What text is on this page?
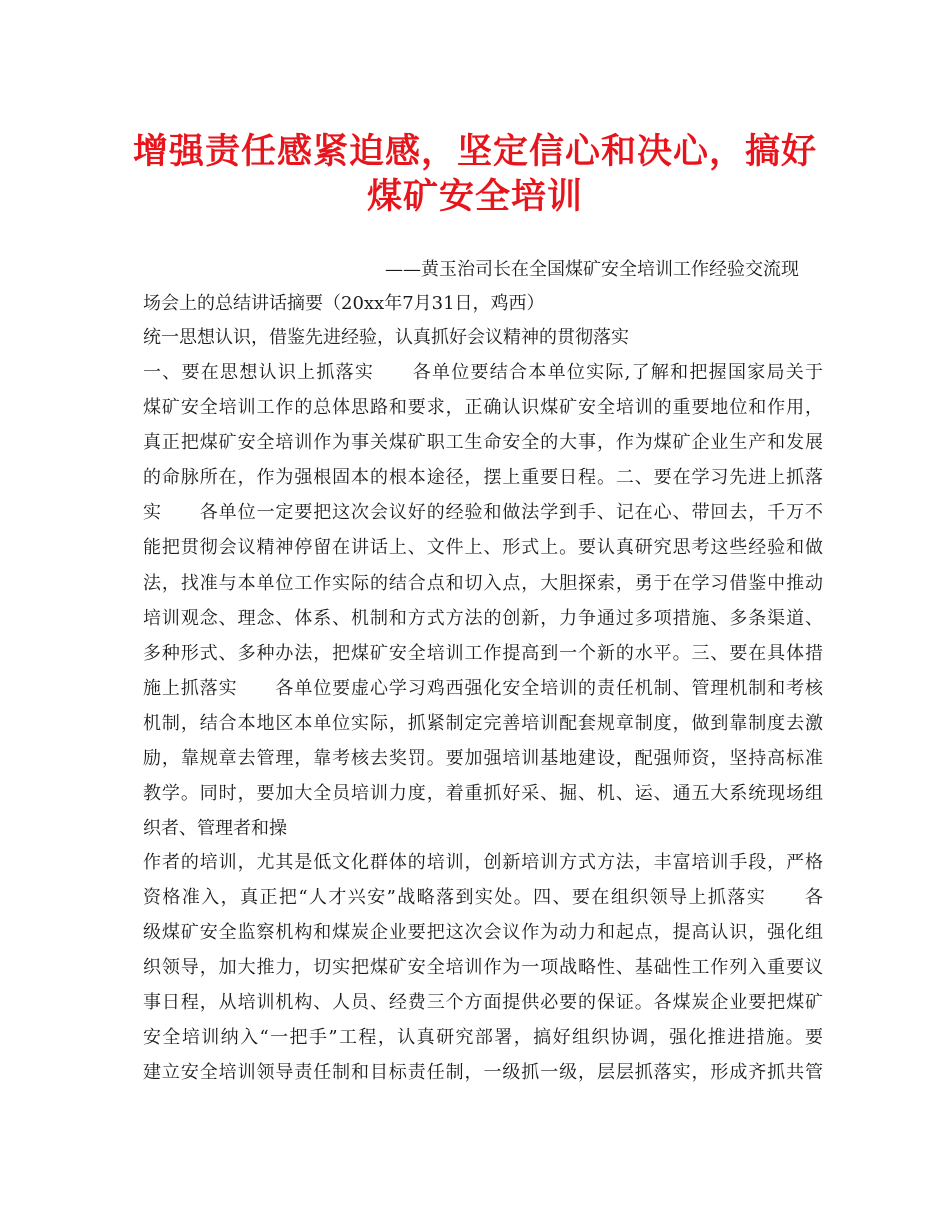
增强责任感紧迫感，坚定信心和决心，搞好
煤矿安全培训
——黄玉治司长在全国煤矿安全培训工作经验交流现
场会上的总结讲话摘要（20xx年7月31日，鸡西）
统一思想认识，借鉴先进经验，认真抓好会议精神的贯彻落实
一、要在思想认识上抓落实　　各单位要结合本单位实际,了解和把握国家局关于
煤矿安全培训工作的总体思路和要求，正确认识煤矿安全培训的重要地位和作用，
真正把煤矿安全培训作为事关煤矿职工生命安全的大事，作为煤矿企业生产和发展
的命脉所在，作为强根固本的根本途径，摆上重要日程。二、要在学习先进上抓落
实　　各单位一定要把这次会议好的经验和做法学到手、记在心、带回去，千万不
能把贯彻会议精神停留在讲话上、文件上、形式上。要认真研究思考这些经验和做
法，找准与本单位工作实际的结合点和切入点，大胆探索，勇于在学习借鉴中推动
培训观念、理念、体系、机制和方式方法的创新，力争通过多项措施、多条渠道、
多种形式、多种办法，把煤矿安全培训工作提高到一个新的水平。三、要在具体措
施上抓落实　　各单位要虚心学习鸡西强化安全培训的责任机制、管理机制和考核
机制，结合本地区本单位实际，抓紧制定完善培训配套规章制度，做到靠制度去激
励，靠规章去管理，靠考核去奖罚。要加强培训基地建设，配强师资，坚持高标准
教学。同时，要加大全员培训力度，着重抓好采、掘、机、运、通五大系统现场组
织者、管理者和操
作者的培训，尤其是低文化群体的培训，创新培训方式方法，丰富培训手段，严格
资格准入，真正把“人才兴安”战略落到实处。四、要在组织领导上抓落实　　各
级煤矿安全监察机构和煤炭企业要把这次会议作为动力和起点，提高认识，强化组
织领导，加大推力，切实把煤矿安全培训作为一项战略性、基础性工作列入重要议
事日程，从培训机构、人员、经费三个方面提供必要的保证。各煤炭企业要把煤矿
安全培训纳入“一把手”工程，认真研究部署，搞好组织协调，强化推进措施。要
建立安全培训领导责任制和目标责任制，一级抓一级，层层抓落实，形成齐抓共管
